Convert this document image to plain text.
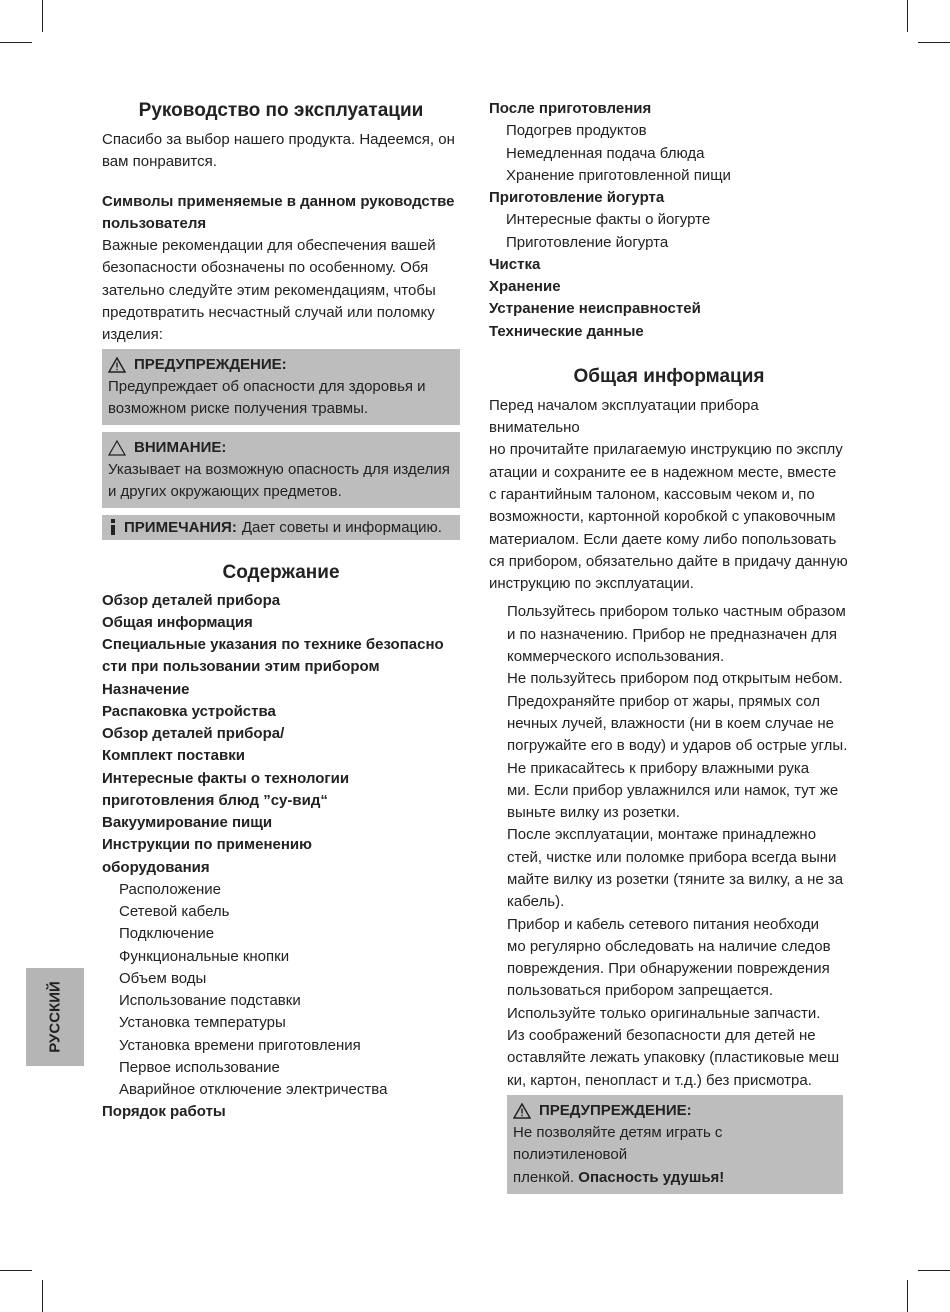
РУССКИЙ
Руководство по эксплуатации
Спасибо за выбор нашего продукта. Надеемся, он
вам понравится.
Символы применяемые в данном руководстве
пользователя
Важные рекомендации для обеспечения вашей
безопасности обозначены по особенному. Обя
зательно следуйте этим рекомендациям, чтобы
предотвратить несчастный случай или поломку
изделия:
ПРЕДУПРЕЖДЕНИЕ:
Предупреждает об опасности для здоровья и
возможном риске получения травмы.
ВНИМАНИЕ:
Указывает на возможную опасность для изделия
и других окружающих предметов.
ПРИМЕЧАНИЯ: Дает советы и информацию.
Содержание
Обзор деталей прибора
Общая информация
Специальные указания по технике безопасно
сти при пользовании этим прибором
Назначение
Распаковка устройства
Обзор деталей прибора/
Комплект поставки
Интересные факты о технологии
приготовления блюд ”су-вид“
Вакуумирование пищи
Инструкции по применению
оборудования
Расположение
Сетевой кабель
Подключение
Функциональные кнопки
Объем воды
Использование подставки
Установка температуры
Установка времени приготовления
Первое использование
Аварийное отключение электричества
Порядок работы
После приготовления
Подогрев продуктов
Немедленная подача блюда
Хранение приготовленной пищи
Приготовление йогурта
Интересные факты о йогурте
Приготовление йогурта
Чистка
Хранение
Устранение неисправностей
Технические данные
Общая информация
Перед началом эксплуатации прибора внимательно
но прочитайте прилагаемую инструкцию по эксплу
атации и сохраните ее в надежном месте, вместе
с гарантийным талоном, кассовым чеком и, по
возможности, картонной коробкой с упаковочным
материалом. Если даете кому либо попользовать
ся прибором, обязательно дайте в придачу данную
инструкцию по эксплуатации.
Пользуйтесь прибором только частным образом
и по назначению. Прибор не предназначен для
коммерческого использования.
Не пользуйтесь прибором под открытым небом.
Предохраняйте прибор от жары, прямых сол
нечных лучей, влажности (ни в коем случае не
погружайте его в воду) и ударов об острые углы.
Не прикасайтесь к прибору влажными рука
ми. Если прибор увлажнился или намок, тут же
выньте вилку из розетки.
После эксплуатации, монтаже принадлежно
стей, чистке или поломке прибора всегда выни
майте вилку из розетки (тяните за вилку, а не за
кабель).
Прибор и кабель сетевого питания необходи
мо регулярно обследовать на наличие следов
повреждения. При обнаружении повреждения
пользоваться прибором запрещается.
Используйте только оригинальные запчасти.
Из соображений безопасности для детей не
оставляйте лежать упаковку (пластиковые меш
ки, картон, пенопласт и т.д.) без присмотра.
ПРЕДУПРЕЖДЕНИЕ:
Не позволяйте детям играть с полиэтиленовой
пленкой. Опасность удушья!
